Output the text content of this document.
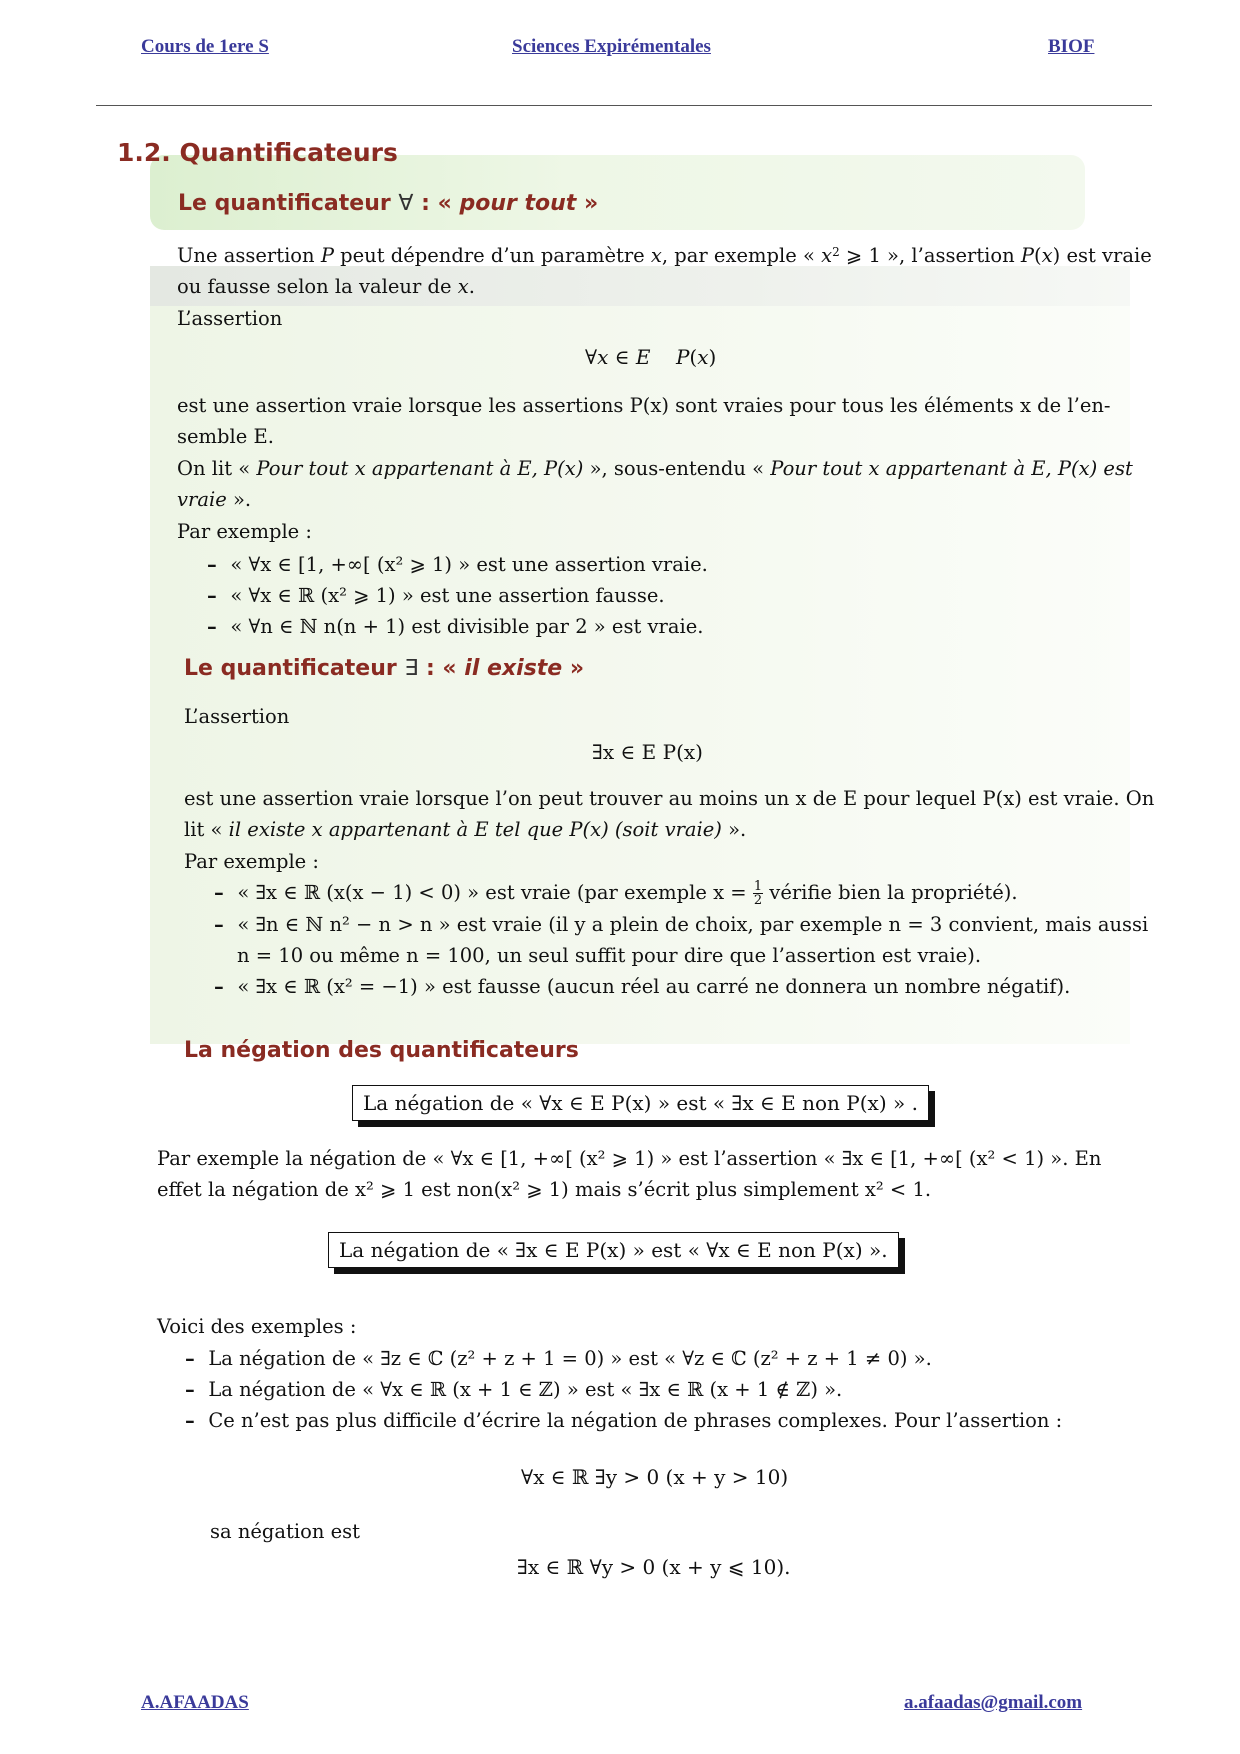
Cours de 1ere S	Sciences Expirémentales	BIOF
1.2. Quantificateurs
Le quantificateur ∀ : « pour tout »

Une assertion P peut dépendre d’un paramètre x, par exemple « $x^2$ ⩾ 1 », l’assertion P(x) est vraie

ou fausse selon la valeur de x.

L’assertion

∀x ∈ E P(x)

est une assertion vraie lorsque les assertions P(x) sont vraies pour tous les éléments x de l’en-

semble E.

On lit « Pour tout x appartenant à E, P(x) », sous-entendu « Pour tout x appartenant à E, P(x) est

vraie ».

Par exemple :

–  « ∀x ∈ [1, +∞[ (x² ⩾ 1) » est une assertion vraie.

–  « ∀x ∈ ℝ (x² ⩾ 1) » est une assertion fausse.

–  « ∀n ∈ ℕ n(n + 1) est divisible par 2 » est vraie.

Le quantificateur ∃ : « il existe »

L’assertion

∃x ∈ E P(x)

est une assertion vraie lorsque l’on peut trouver au moins un x de E pour lequel P(x) est vraie. On

lit « il existe x appartenant à E tel que P(x) (soit vraie) ».

Par exemple :

–  « ∃x ∈ ℝ (x(x − 1) < 0) » est vraie (par exemple $x = \frac{1}{2}$ vérifie bien la propriété).

–  « ∃n ∈ ℕ n² − n > n » est vraie (il y a plein de choix, par exemple n = 3 convient, mais aussi

n = 10 ou même n = 100, un seul suffit pour dire que l’assertion est vraie).

–  « ∃x ∈ ℝ (x² = −1) » est fausse (aucun réel au carré ne donnera un nombre négatif).

La négation des quantificateurs
La négation de « ∀x ∈ E P(x) » est « ∃x ∈ E non P(x) » .

Par exemple la négation de « ∀x ∈ [1, +∞[ (x² ⩾ 1) » est l’assertion « ∃x ∈ [1, +∞[ (x² < 1) ». En

effet la négation de x² ⩾ 1 est non(x² ⩾ 1) mais s’écrit plus simplement x² < 1.

La négation de « ∃x ∈ E P(x) » est « ∀x ∈ E non P(x) ».

Voici des exemples :

–  La négation de « ∃z ∈ ℂ (z² + z + 1 = 0) » est « ∀z ∈ ℂ (z² + z + 1 ≠ 0) ».

–  La négation de « ∀x ∈ ℝ (x + 1 ∈ ℤ) » est « ∃x ∈ ℝ (x + 1 ∉ ℤ) ».

–  Ce n’est pas plus difficile d’écrire la négation de phrases complexes. Pour l’assertion :

∀x ∈ ℝ ∃y > 0 (x + y > 10)

sa négation est

∃x ∈ ℝ ∀y > 0 (x + y ⩽ 10).
A.AFAADAS	a.afaadas@gmail.com
